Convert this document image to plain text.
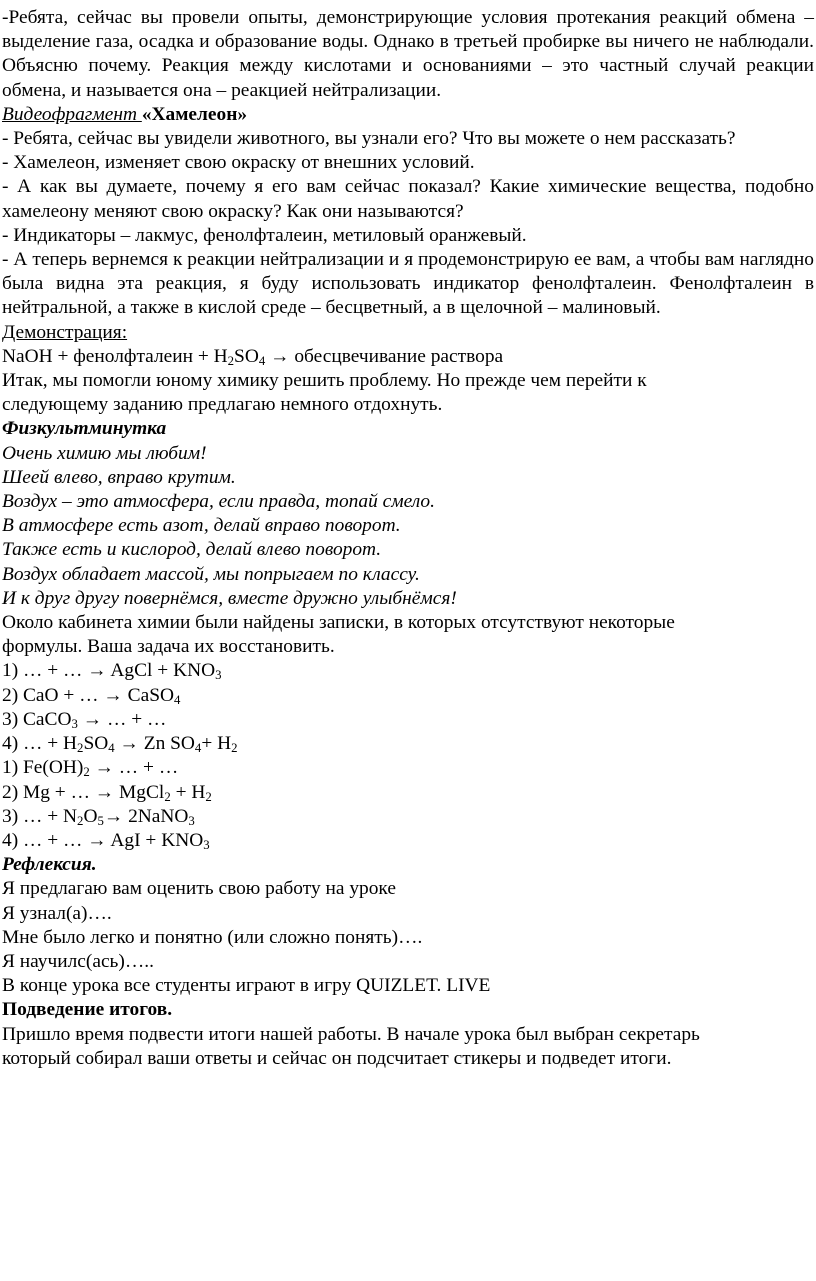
-Ребята, сейчас вы провели опыты, демонстрирующие условия протекания реакций обмена – выделение газа, осадка и образование воды. Однако в третьей пробирке вы ничего не наблюдали. Объясню почему. Реакция между кислотами и основаниями – это частный случай реакции обмена, и называется она – реакцией нейтрализации.

Видеофрагмент «Хамелеон»

- Ребята, сейчас вы увидели животного, вы узнали его? Что вы можете о нем рассказать?

- Хамелеон, изменяет свою окраску от внешних условий.

- А как вы думаете, почему я его вам сейчас показал? Какие химические вещества, подобно хамелеону меняют свою окраску? Как они называются?

- Индикаторы – лакмус, фенолфталеин, метиловый оранжевый.

- А теперь вернемся к реакции нейтрализации и я продемонстрирую ее вам, а чтобы вам наглядно была видна эта реакция, я буду использовать индикатор фенолфталеин. Фенолфталеин в нейтральной, а также в кислой среде – бесцветный, а в щелочной – малиновый.

Демонстрация:

NaOH + фенолфталеин + $H_2SO_4$ → обесцвечивание раствора

Итак, мы помогли юному химику решить проблему. Но прежде чем перейти к

следующему заданию предлагаю немного отдохнуть.

Физкультминутка

Очень химию мы любим!

Шеей влево, вправо крутим.

Воздух – это атмосфера, если правда, топай смело.

В атмосфере есть азот, делай вправо поворот.

Также есть и кислород, делай влево поворот.

Воздух обладает массой, мы попрыгаем по классу.

И к друг другу повернёмся, вместе дружно улыбнёмся!

Около кабинета химии были найдены записки, в которых отсутствуют некоторые

формулы. Ваша задача их восстановить.

1) … + … → AgCl + $KNO_3$

2) CaO + … → CaSO$_4$

3) CaCO$_3$ → … + …

4) … + $H_2SO_4 \to Zn$ $SO_4+ H_2$

1) $Fe(OH)_2$ → … + …

2) Mg + … → MgCl$_2$ + $H_2$

3) … + $N_2O_5\to$ 2NaNO$_3$

4) … + … → AgI + $KNO_3$

Рефлексия.

Я предлагаю вам оценить свою работу на уроке

Я узнал(а)….

Мне было легко и понятно (или сложно понять)….

Я научилс(ась)…..

В конце урока все студенты играют в игру QUIZLET. LIVE

Подведение итогов.

Пришло время подвести итоги нашей работы. В начале урока был выбран секретарь

который собирал ваши ответы и сейчас он подсчитает стикеры и подведет итоги.
